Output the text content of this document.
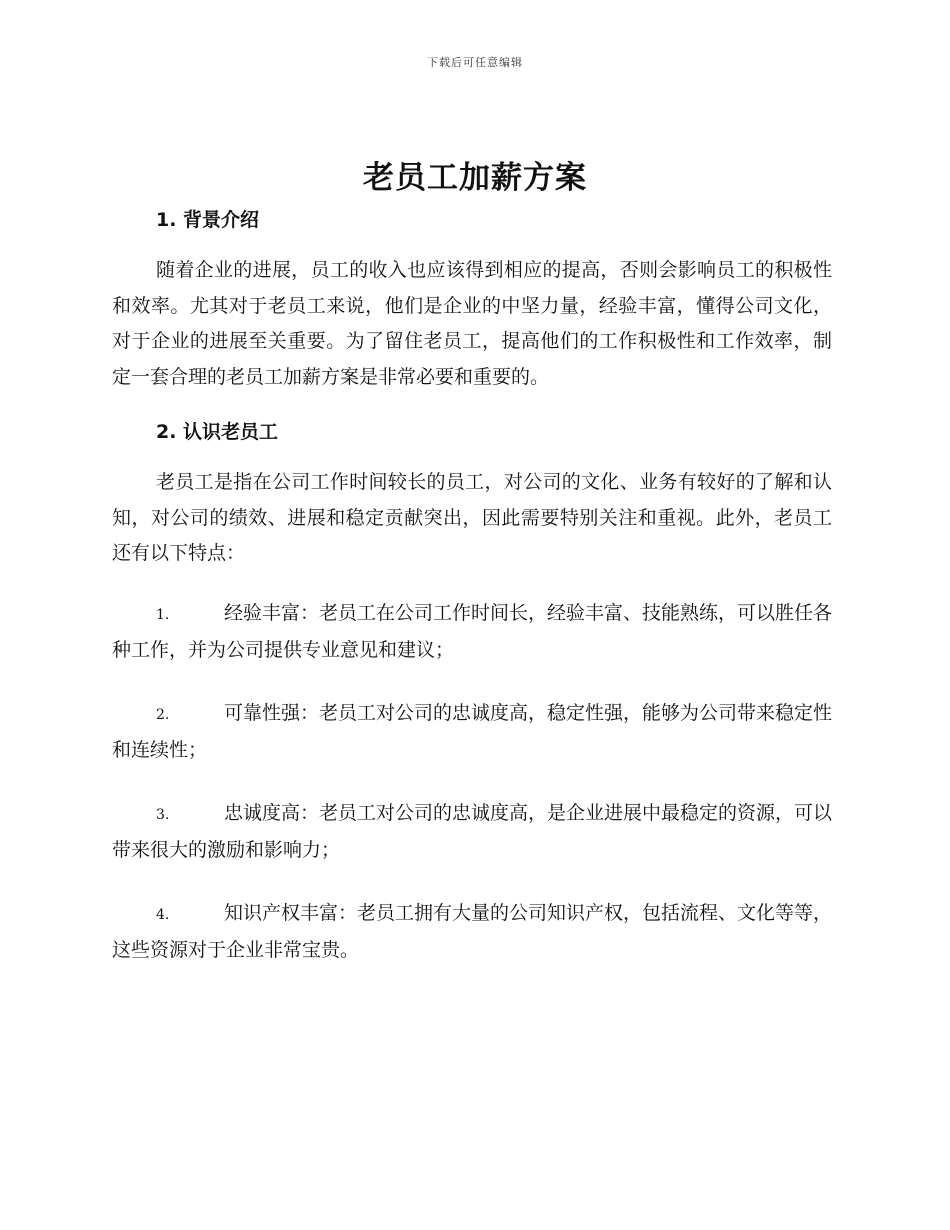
下载后可任意编辑
老员工加薪方案
1. 背景介绍

随着企业的进展，员工的收入也应该得到相应的提高，否则会影响员工的积极性和效率。尤其对于老员工来说，他们是企业的中坚力量，经验丰富，懂得公司文化，对于企业的进展至关重要。为了留住老员工，提高他们的工作积极性和工作效率，制定一套合理的老员工加薪方案是非常必要和重要的。

2. 认识老员工

老员工是指在公司工作时间较长的员工，对公司的文化、业务有较好的了解和认知，对公司的绩效、进展和稳定贡献突出，因此需要特别关注和重视。此外，老员工还有以下特点：

1.	经验丰富：老员工在公司工作时间长，经验丰富、技能熟练，可以胜任各种工作，并为公司提供专业意见和建议；

2.	可靠性强：老员工对公司的忠诚度高，稳定性强，能够为公司带来稳定性和连续性；

3.	忠诚度高：老员工对公司的忠诚度高，是企业进展中最稳定的资源，可以带来很大的激励和影响力；

4.	知识产权丰富：老员工拥有大量的公司知识产权，包括流程、文化等等，这些资源对于企业非常宝贵。
